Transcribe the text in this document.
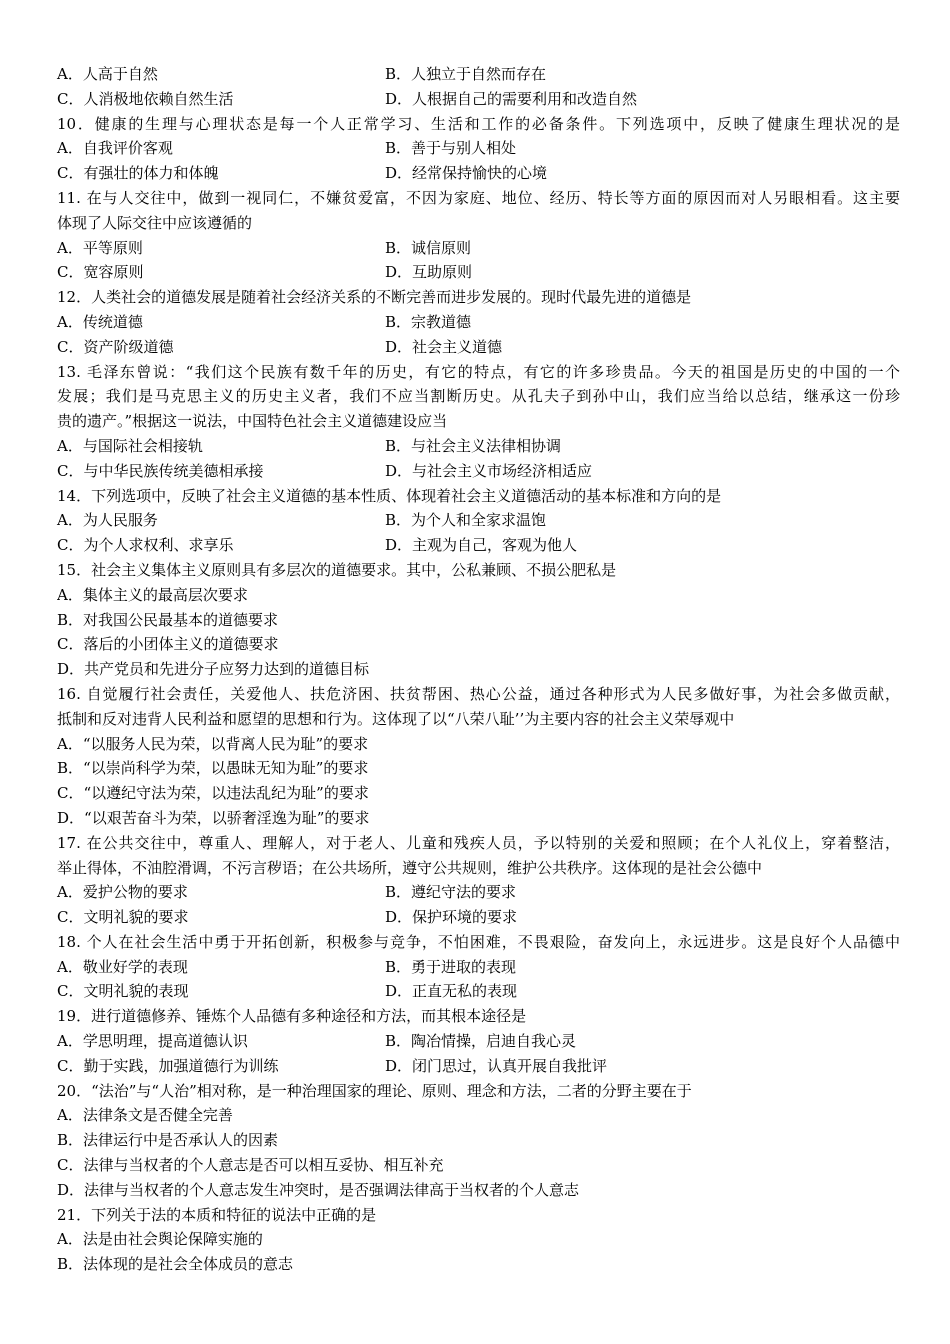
A．人高于自然	B．人独立于自然而存在
C．人消极地依赖自然生活	D．人根据自己的需要利用和改造自然
10．健康的生理与心理状态是每一个人正常学习、生活和工作的必备条件。下列选项中，反映了健康生理状况的是
A．自我评价客观	B．善于与别人相处
C．有强壮的体力和体魄	D．经常保持愉快的心境
11. 在与人交往中，做到一视同仁，不嫌贫爱富，不因为家庭、地位、经历、特长等方面的原因而对人另眼相看。这主要
体现了人际交往中应该遵循的
A．平等原则	B．诚信原则
C．宽容原则	D．互助原则
12．人类社会的道德发展是随着社会经济关系的不断完善而进步发展的。现时代最先进的道德是
A．传统道德	B．宗教道德
C．资产阶级道德	D．社会主义道德
13. 毛泽东曾说：“我们这个民族有数千年的历史，有它的特点，有它的许多珍贵品。今天的祖国是历史的中国的一个
发展；我们是马克思主义的历史主义者，我们不应当割断历史。从孔夫子到孙中山，我们应当给以总结，继承这一份珍
贵的遗产。”根据这一说法，中国特色社会主义道德建设应当
A．与国际社会相接轨	B．与社会主义法律相协调
C．与中华民族传统美德相承接	D．与社会主义市场经济相适应
14．下列选项中，反映了社会主义道德的基本性质、体现着社会主义道德活动的基本标准和方向的是
A．为人民服务	B．为个人和全家求温饱
C．为个人求权利、求享乐	D．主观为自己，客观为他人
15．社会主义集体主义原则具有多层次的道德要求。其中，公私兼顾、不损公肥私是
A．集体主义的最高层次要求
B．对我国公民最基本的道德要求
C．落后的小团体主义的道德要求
D．共产党员和先进分子应努力达到的道德目标
16. 自觉履行社会责任，关爱他人、扶危济困、扶贫帮困、热心公益，通过各种形式为人民多做好事，为社会多做贡献，
抵制和反对违背人民利益和愿望的思想和行为。这体现了以“八荣八耻’’为主要内容的社会主义荣辱观中
A．“以服务人民为荣，以背离人民为耻”的要求
B．“以崇尚科学为荣，以愚昧无知为耻”的要求
C．“以遵纪守法为荣，以违法乱纪为耻”的要求
D．“以艰苦奋斗为荣，以骄奢淫逸为耻”的要求
17. 在公共交往中，尊重人、理解人，对于老人、儿童和残疾人员，予以特别的关爱和照顾；在个人礼仪上，穿着整洁，
举止得体，不油腔滑调，不污言秽语；在公共场所，遵守公共规则，维护公共秩序。这体现的是社会公德中
A．爱护公物的要求	B．遵纪守法的要求
C．文明礼貌的要求	D．保护环境的要求
18. 个人在社会生活中勇于开拓创新，积极参与竞争，不怕困难，不畏艰险，奋发向上，永远进步。这是良好个人品德中
A．敬业好学的表现	B．勇于进取的表现
C．文明礼貌的表现	D．正直无私的表现
19．进行道德修养、锤炼个人品德有多种途径和方法，而其根本途径是
A．学思明理，提高道德认识	B．陶冶情操，启迪自我心灵
C．勤于实践，加强道德行为训练	D．闭门思过，认真开展自我批评
20．“法治”与“人治”相对称，是一种治理国家的理论、原则、理念和方法，二者的分野主要在于
A．法律条文是否健全完善
B．法律运行中是否承认人的因素
C．法律与当权者的个人意志是否可以相互妥协、相互补充
D．法律与当权者的个人意志发生冲突时，是否强调法律高于当权者的个人意志
21．下列关于法的本质和特征的说法中正确的是
A．法是由社会舆论保障实施的
B．法体现的是社会全体成员的意志
